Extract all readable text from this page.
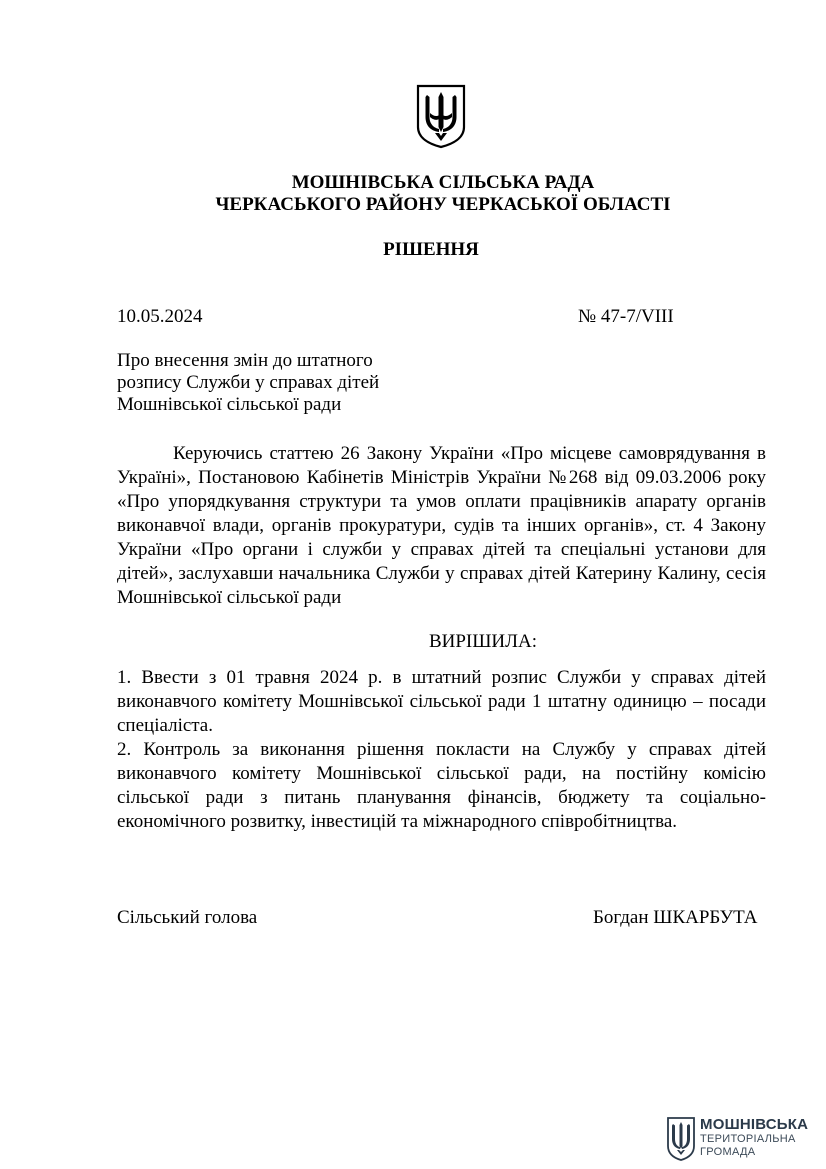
МОШНІВСЬКА СІЛЬСЬКА РАДА
ЧЕРКАСЬКОГО РАЙОНУ ЧЕРКАСЬКОЇ ОБЛАСТІ
РІШЕННЯ
10.05.2024	№ 47-7/VIII
Про внесення змін до штатного
розпису Служби у справах дітей
Мошнівської сільської ради
Керуючись статтею 26 Закону України «Про місцеве самоврядування в Україні», Постановою Кабінетів Міністрів України №268 від 09.03.2006 року «Про упорядкування структури та умов оплати працівників апарату органів виконавчої влади, органів прокуратури, судів та інших органів», ст. 4 Закону України «Про органи і служби у справах дітей та спеціальні установи для дітей», заслухавши начальника Служби у справах дітей Катерину Калину, сесія Мошнівської сільської ради
ВИРІШИЛА:
1. Ввести з 01 травня 2024 р. в штатний розпис Служби у справах дітей виконавчого комітету Мошнівської сільської ради 1 штатну одиницю – посади спеціаліста.
2. Контроль за виконання рішення покласти на Службу у справах дітей виконавчого комітету Мошнівської сільської ради, на постійну комісію сільської ради з питань планування фінансів, бюджету та соціально-економічного розвитку, інвестицій та міжнародного співробітництва.
Сільський голова	Богдан ШКАРБУТА
МОШНІВСЬКА
ТЕРИТОРІАЛЬНА
ГРОМАДА
